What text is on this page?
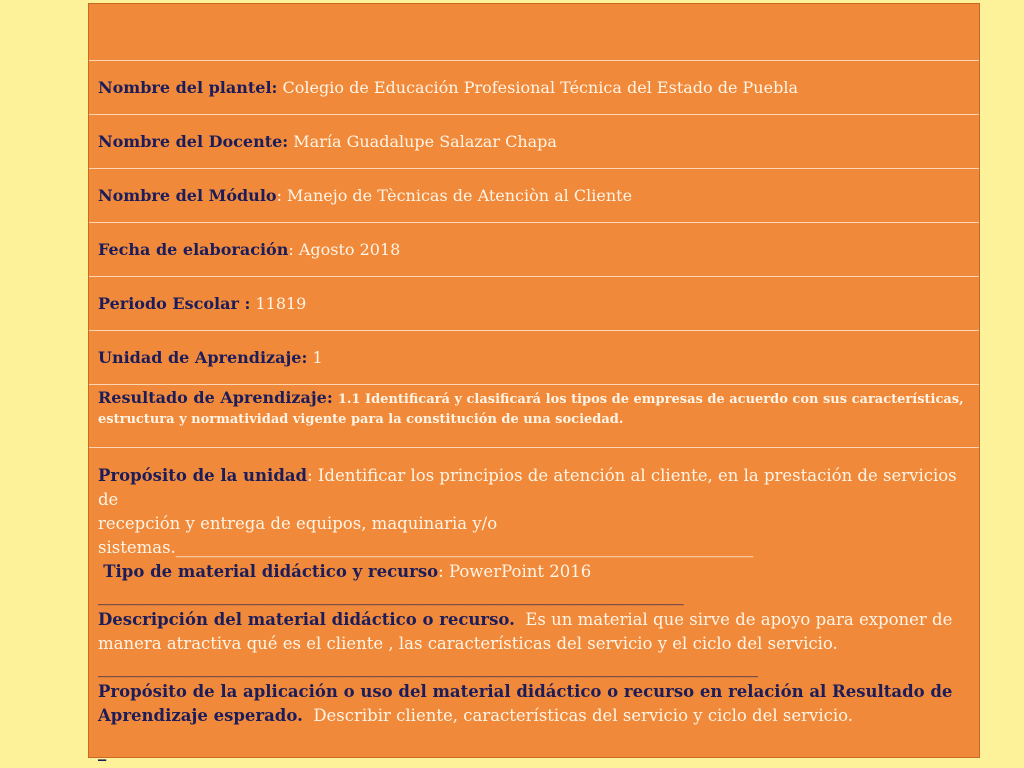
Nombre del plantel: Colegio de Educación Profesional Técnica del Estado de Puebla
Nombre del Docente: María Guadalupe Salazar Chapa
Nombre del Módulo: Manejo de Tècnicas de Atenciòn al Cliente
Fecha de elaboración: Agosto 2018
Periodo Escolar : 11819
Unidad de Aprendizaje: 1
Resultado de Aprendizaje: 1.1 Identificará y clasificará los tipos de empresas de acuerdo con sus características,
estructura y normatividad vigente para la constitución de una sociedad.
Propósito de la unidad: Identificar los principios de atención al cliente, en la prestación de servicios de
recepción y entrega de equipos, maquinaria y/o
sistemas.______________________________________________________________________
Tipo de material didáctico y recurso: PowerPoint 2016
_______________________________________________________________________
Descripción del material didáctico o recurso. Es un material que sirve de apoyo para exponer de
manera atractiva qué es el cliente , las características del servicio y el ciclo del servicio.
________________________________________________________________________________
Propósito de la aplicación o uso del material didáctico o recurso en relación al Resultado de
Aprendizaje esperado. Describir cliente, características del servicio y ciclo del servicio.
_
